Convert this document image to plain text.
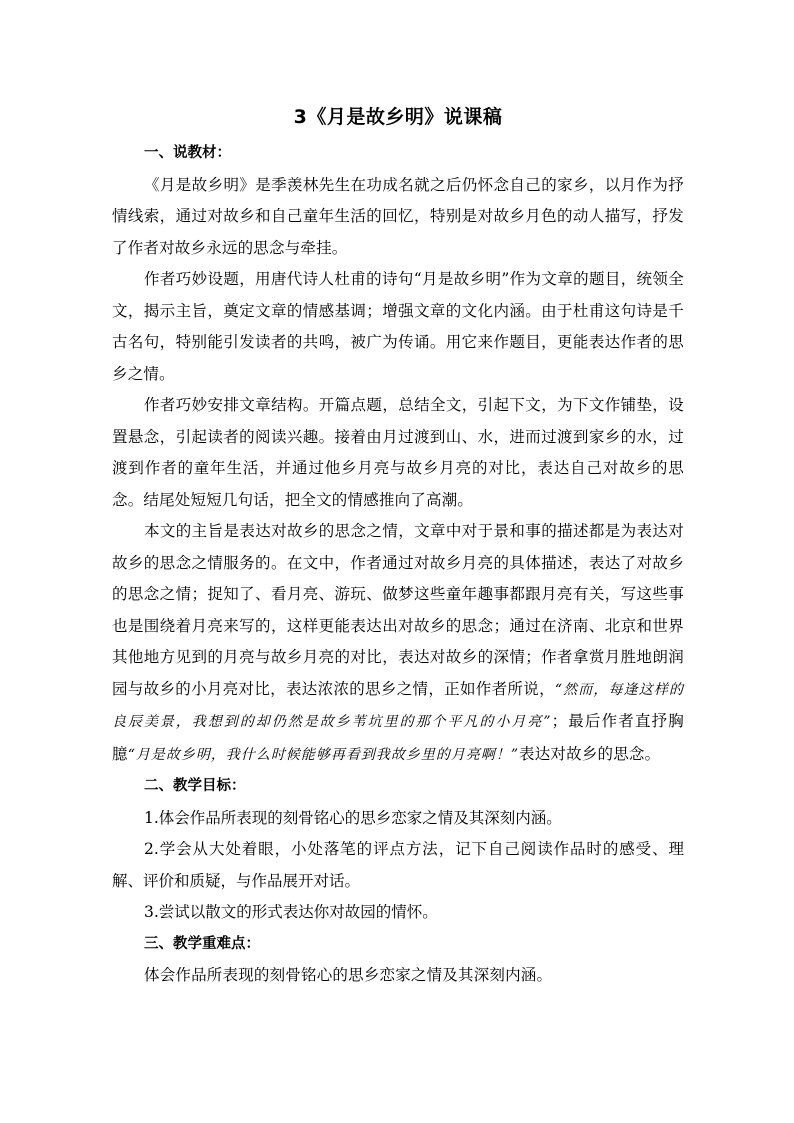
3《月是故乡明》说课稿

一、说教材：

《月是故乡明》是季羡林先生在功成名就之后仍怀念自己的家乡，以月作为抒情线索，通过对故乡和自己童年生活的回忆，特别是对故乡月色的动人描写，抒发了作者对故乡永远的思念与牵挂。

作者巧妙设题，用唐代诗人杜甫的诗句“月是故乡明”作为文章的题目，统领全文，揭示主旨，奠定文章的情感基调；增强文章的文化内涵。由于杜甫这句诗是千古名句，特别能引发读者的共鸣，被广为传诵。用它来作题目，更能表达作者的思乡之情。

作者巧妙安排文章结构。开篇点题，总结全文，引起下文，为下文作铺垫，设置悬念，引起读者的阅读兴趣。接着由月过渡到山、水，进而过渡到家乡的水，过渡到作者的童年生活，并通过他乡月亮与故乡月亮的对比，表达自己对故乡的思念。结尾处短短几句话，把全文的情感推向了高潮。

本文的主旨是表达对故乡的思念之情，文章中对于景和事的描述都是为表达对故乡的思念之情服务的。在文中，作者通过对故乡月亮的具体描述，表达了对故乡的思念之情；捉知了、看月亮、游玩、做梦这些童年趣事都跟月亮有关，写这些事也是围绕着月亮来写的，这样更能表达出对故乡的思念；通过在济南、北京和世界其他地方见到的月亮与故乡月亮的对比，表达对故乡的深情；作者拿赏月胜地朗润园与故乡的小月亮对比，表达浓浓的思乡之情，正如作者所说，“然而，每逢这样的良辰美景，我想到的却仍然是故乡苇坑里的那个平凡的小月亮”；最后作者直抒胸臆“月是故乡明，我什么时候能够再看到我故乡里的月亮啊！”表达对故乡的思念。

二、教学目标：

1.体会作品所表现的刻骨铭心的思乡恋家之情及其深刻内涵。

2.学会从大处着眼，小处落笔的评点方法，记下自己阅读作品时的感受、理解、评价和质疑，与作品展开对话。

3.尝试以散文的形式表达你对故园的情怀。

三、教学重难点：

体会作品所表现的刻骨铭心的思乡恋家之情及其深刻内涵。
